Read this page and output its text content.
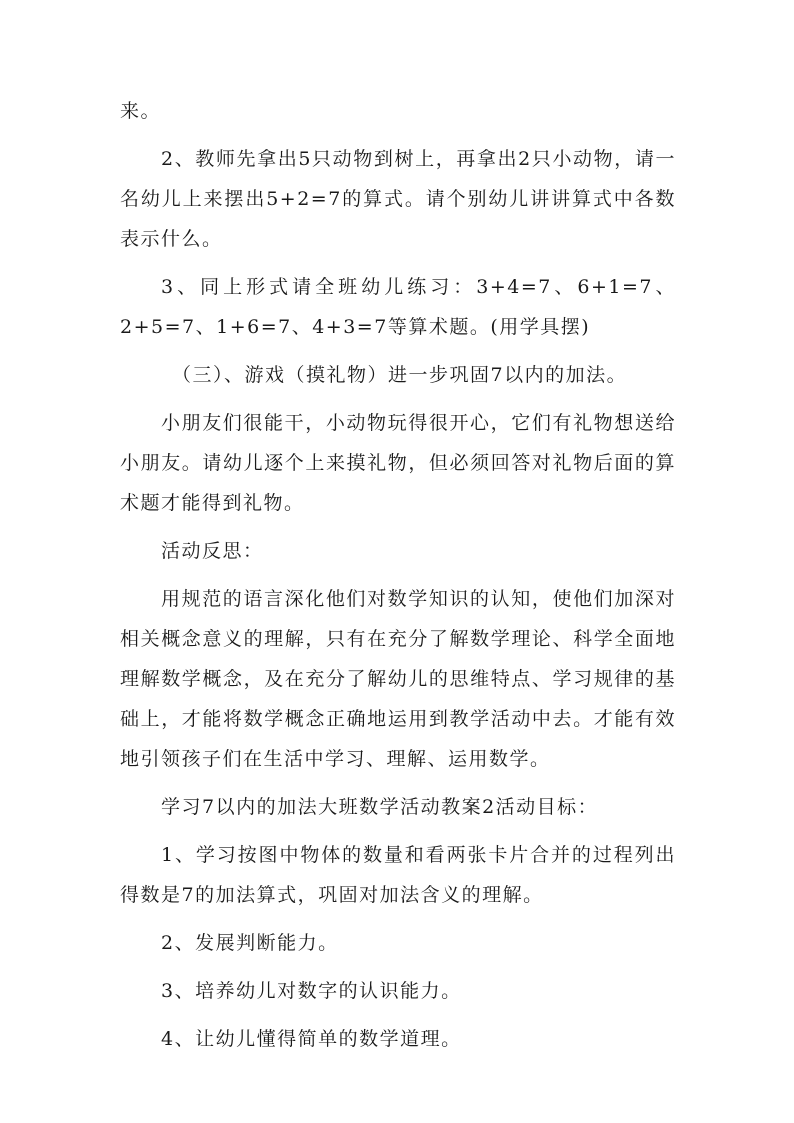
来。

2、教师先拿出5只动物到树上，再拿出2只小动物，请一名幼儿上来摆出5+2=7的算式。请个别幼儿讲讲算式中各数表示什么。

3、同上形式请全班幼儿练习：3+4=7、6+1=7、2+5=7、1+6=7、4+3=7等算术题。(用学具摆)

（三）、游戏（摸礼物）进一步巩固7以内的加法。

小朋友们很能干，小动物玩得很开心，它们有礼物想送给小朋友。请幼儿逐个上来摸礼物，但必须回答对礼物后面的算术题才能得到礼物。

活动反思：

用规范的语言深化他们对数学知识的认知，使他们加深对相关概念意义的理解，只有在充分了解数学理论、科学全面地理解数学概念，及在充分了解幼儿的思维特点、学习规律的基础上，才能将数学概念正确地运用到教学活动中去。才能有效地引领孩子们在生活中学习、理解、运用数学。

学习7以内的加法大班数学活动教案2活动目标：

1、学习按图中物体的数量和看两张卡片合并的过程列出得数是7的加法算式，巩固对加法含义的理解。

2、发展判断能力。

3、培养幼儿对数字的认识能力。

4、让幼儿懂得简单的数学道理。
